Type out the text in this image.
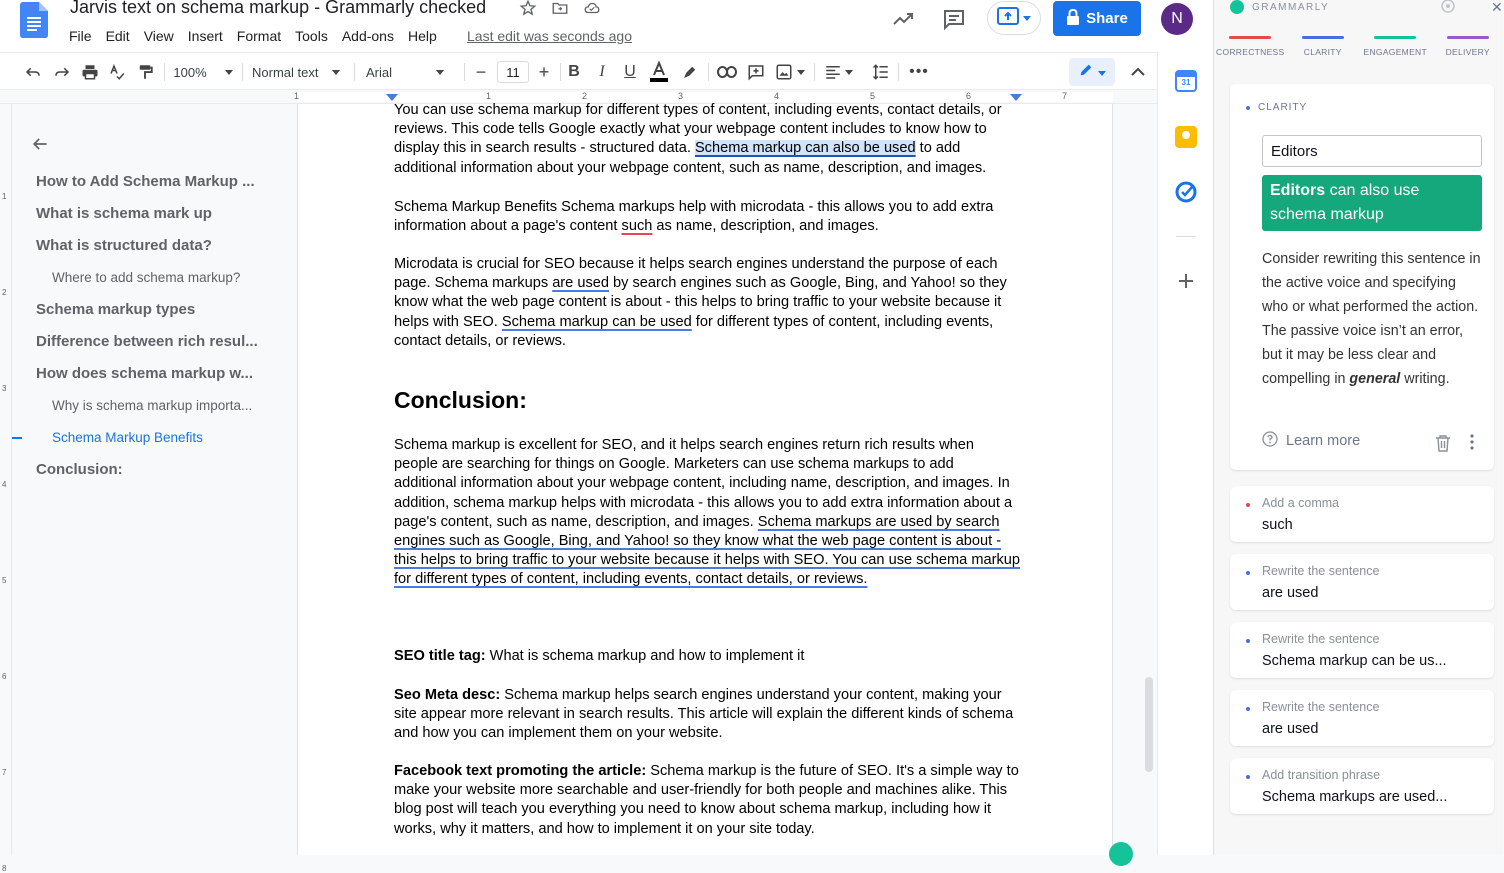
Jarvis text on schema markup - Grammarly checked
File	Edit	View	Insert	Format	Tools	Add-ons	Help	Last edit was seconds ago
Share	N
100%	Normal text	Arial	−	11	+ B	I	U	•••
1	1	2	3	4	5	6	7
1
2
3
4
5
6
7
8
How to Add Schema Markup ...
What is schema mark up
What is structured data?
Where to add schema markup?
Schema markup types
Difference between rich resul...
How does schema markup w...
Why is schema markup importa...
Schema Markup Benefits
Conclusion:
You can use schema markup for different types of content, including events, contact details, or reviews. This code tells Google exactly what your webpage content includes to know how to display this in search results - structured data. Schema markup can also be used to add additional information about your webpage content, such as name, description, and images.
Schema Markup Benefits Schema markups help with microdata - this allows you to add extra information about a page's content such as name, description, and images.
Microdata is crucial for SEO because it helps search engines understand the purpose of each page. Schema markups are used by search engines such as Google, Bing, and Yahoo! so they know what the web page content is about - this helps to bring traffic to your website because it helps with SEO. Schema markup can be used for different types of content, including events, contact details, or reviews.
Conclusion:
Schema markup is excellent for SEO, and it helps search engines return rich results when people are searching for things on Google. Marketers can use schema markups to add additional information about your webpage content, including name, description, and images. In addition, schema markup helps with microdata - this allows you to add extra information about a page's content, such as name, description, and images. Schema markups are used by search engines such as Google, Bing, and Yahoo! so they know what the web page content is about - this helps to bring traffic to your website because it helps with SEO. You can use schema markup for different types of content, including events, contact details, or reviews.
SEO title tag: What is schema markup and how to implement it
Seo Meta desc: Schema markup helps search engines understand your content, making your site appear more relevant in search results. This article will explain the different kinds of schema and how you can implement them on your website.
Facebook text promoting the article: Schema markup is the future of SEO. It's a simple way to make your website more searchable and user-friendly for both people and machines alike. This blog post will teach you everything you need to know about schema markup, including how it works, why it matters, and how to implement it on your site today.
31
GRAMMARLY	✕
CORRECTNESS	CLARITY	ENGAGEMENT	DELIVERY
CLARITY
Editors
Editors can also use schema markup
Consider rewriting this sentence in the active voice and specifying who or what performed the action. The passive voice isn’t an error, but it may be less clear and compelling in general writing.
Learn more
Add a comma
such
Rewrite the sentence
are used
Rewrite the sentence
Schema markup can be us...
Rewrite the sentence
are used
Add transition phrase
Schema markups are used...
